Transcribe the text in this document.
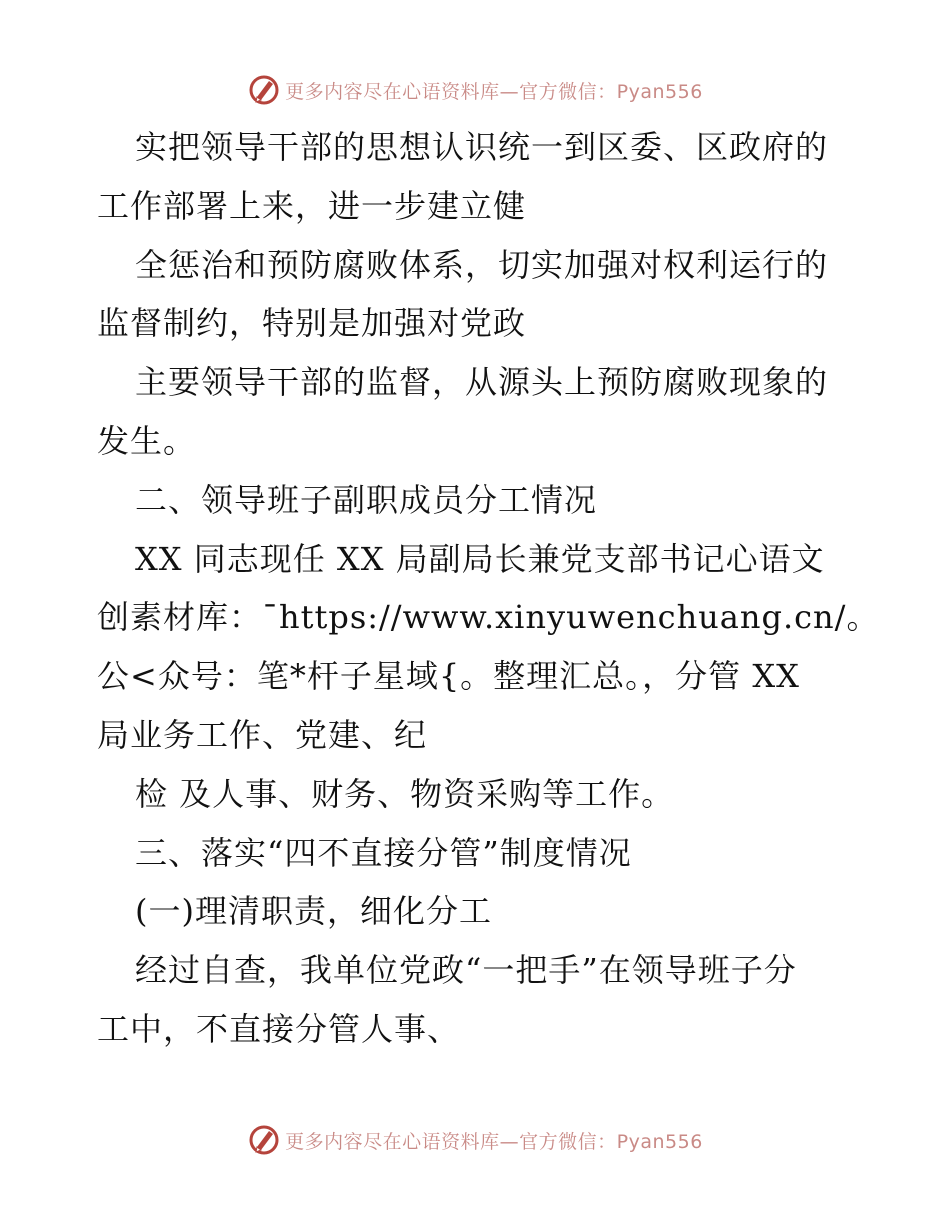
更多内容尽在心语资料库—官方微信：Pyan556
实把领导干部的思想认识统一到区委、区政府的
工作部署上来，进一步建立健
全惩治和预防腐败体系，切实加强对权利运行的
监督制约，特别是加强对党政
主要领导干部的监督，从源头上预防腐败现象的
发生。
二、领导班子副职成员分工情况
XX 同志现任 XX 局副局长兼党支部书记心语文
创素材库：¯https://www.xinyuwenchuang.cn/。
公<众号：笔*杆子星域{。整理汇总。，分管 XX
局业务工作、党建、纪
检 及人事、财务、物资采购等工作。
三、落实“四不直接分管”制度情况
(一)理清职责，细化分工
经过自查，我单位党政“一把手”在领导班子分
工中，不直接分管人事、
更多内容尽在心语资料库—官方微信：Pyan556
